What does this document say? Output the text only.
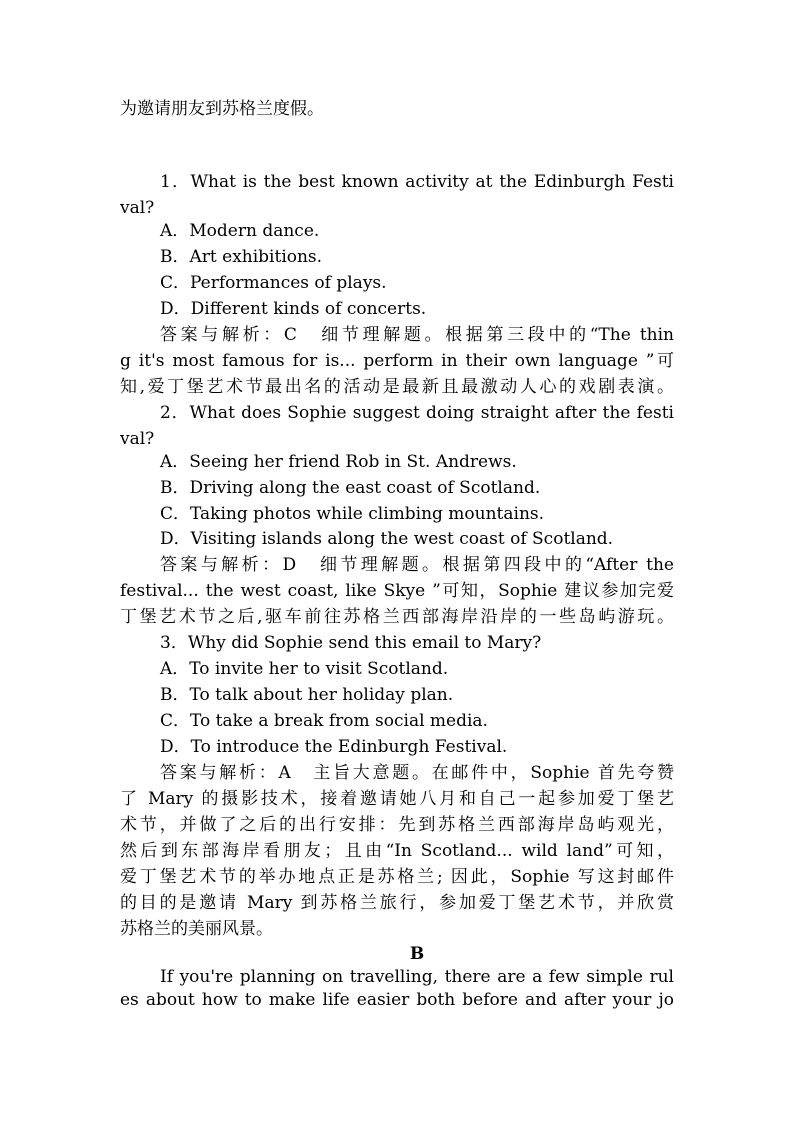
为邀请朋友到苏格兰度假。
1．What is the best known activity at the Edinburgh Festi
val?
A．Modern dance.
B．Art exhibitions.
C．Performances of plays.
D．Different kinds of concerts.
答案与解析：C　细节理解题。根据第三段中的“The thin
g it's most famous for is... perform in their own language ”可
知,爱丁堡艺术节最出名的活动是最新且最激动人心的戏剧表演。
2．What does Sophie suggest doing straight after the festi
val?
A．Seeing her friend Rob in St. Andrews.
B．Driving along the east coast of Scotland.
C．Taking photos while climbing mountains.
D．Visiting islands along the west coast of Scotland.
答案与解析：D　细节理解题。根据第四段中的“After the
festival... the west coast, like Skye ”可知，Sophie 建议参加完爱
丁堡艺术节之后,驱车前往苏格兰西部海岸沿岸的一些岛屿游玩。
3．Why did Sophie send this email to Mary?
A．To invite her to visit Scotland.
B．To talk about her holiday plan.
C．To take a break from social media.
D．To introduce the Edinburgh Festival.
答案与解析：A　主旨大意题。在邮件中，Sophie 首先夸赞
了 Mary 的摄影技术，接着邀请她八月和自己一起参加爱丁堡艺
术节，并做了之后的出行安排：先到苏格兰西部海岸岛屿观光，
然后到东部海岸看朋友；且由“In Scotland... wild land”可知，
爱丁堡艺术节的举办地点正是苏格兰; 因此，Sophie 写这封邮件
的目的是邀请 Mary 到苏格兰旅行，参加爱丁堡艺术节，并欣赏
苏格兰的美丽风景。
B
If you're planning on travelling, there are a few simple rul
es about how to make life easier both before and after your jo
